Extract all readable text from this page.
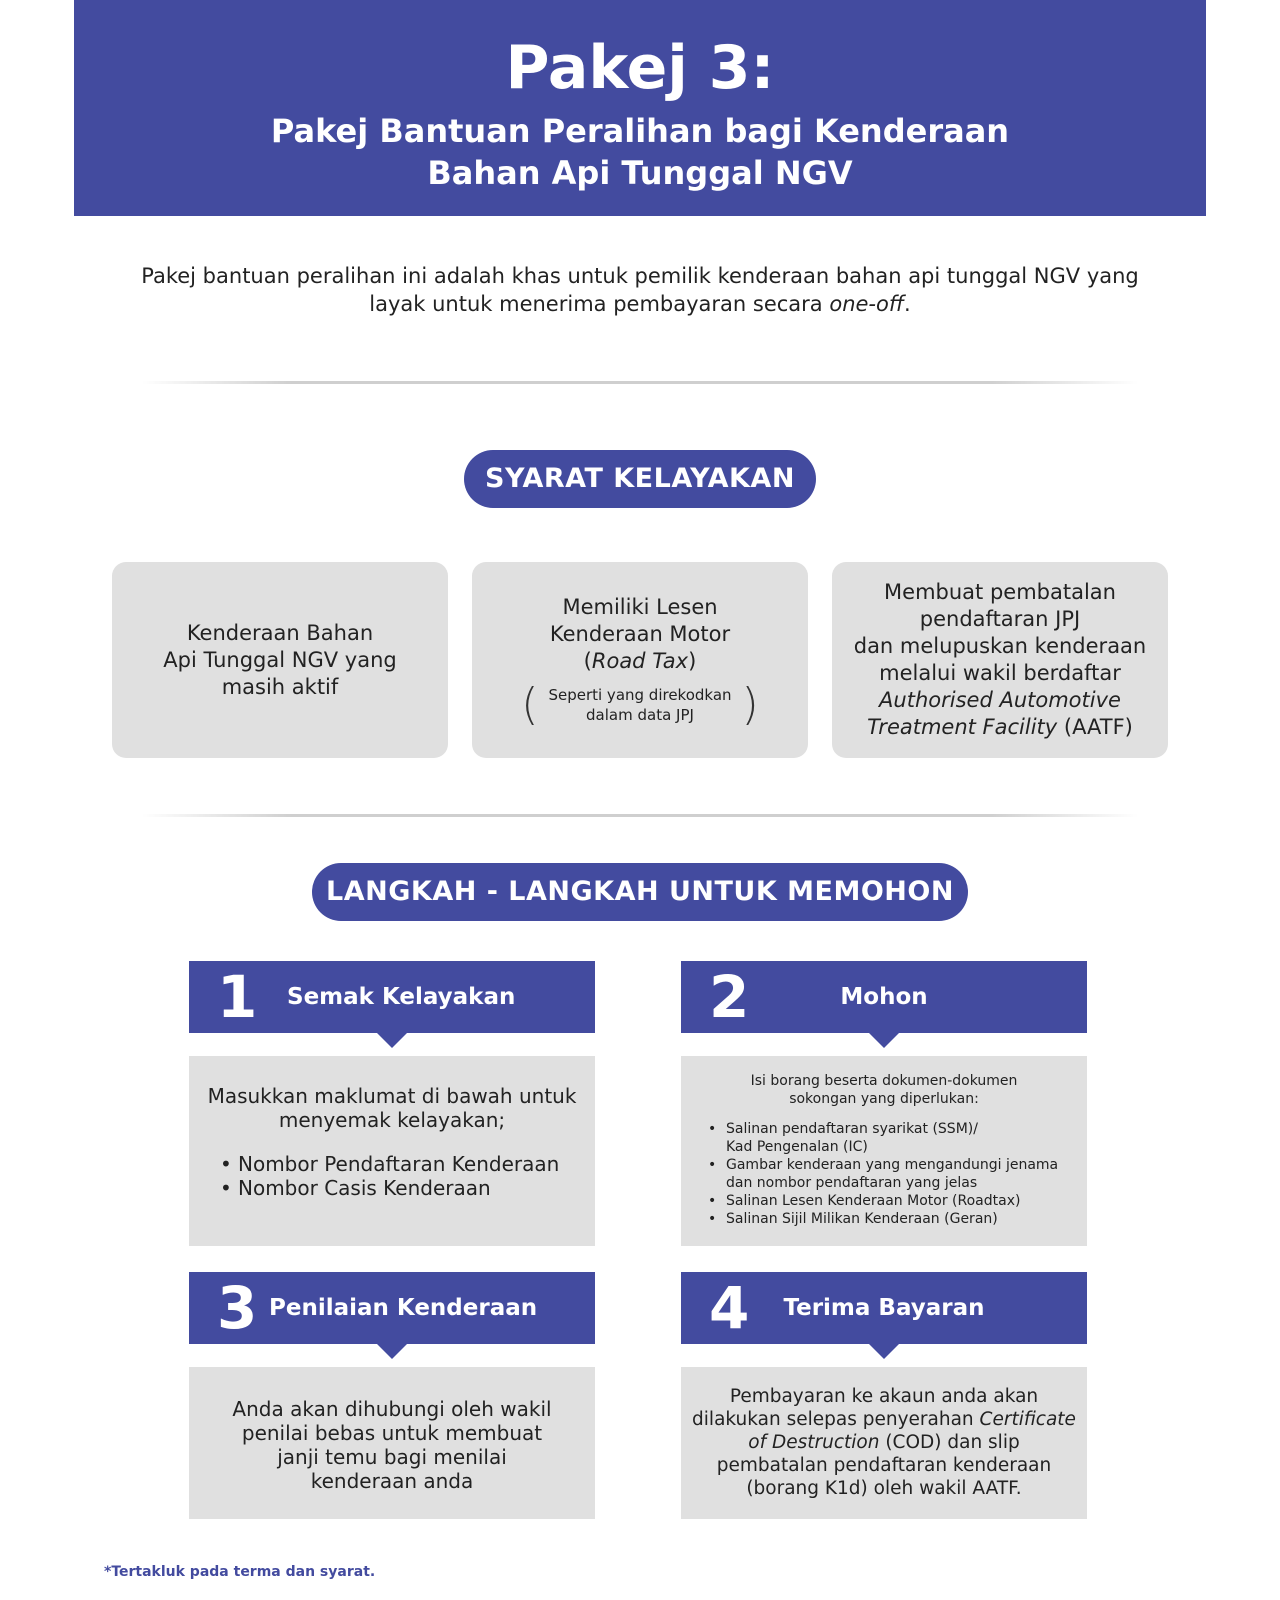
Pakej 3:
Pakej Bantuan Peralihan bagi Kenderaan
Bahan Api Tunggal NGV
Pakej bantuan peralihan ini adalah khas untuk pemilik kenderaan bahan api tunggal NGV yang
layak untuk menerima pembayaran secara one-off.
SYARAT KELAYAKAN
Kenderaan Bahan
Api Tunggal NGV yang
masih aktif
Memiliki Lesen
Kenderaan Motor
(Road Tax)
( Seperti yang direkodkan
dalam data JPJ	)
Membuat pembatalan
pendaftaran JPJ
dan melupuskan kenderaan
melalui wakil berdaftar
Authorised Automotive
Treatment Facility (AATF)
LANGKAH - LANGKAH UNTUK MEMOHON
1 Semak Kelayakan
Masukkan maklumat di bawah untuk
menyemak kelayakan;
• Nombor Pendaftaran Kenderaan
• Nombor Casis Kenderaan
2	Mohon
Isi borang beserta dokumen-dokumen
sokongan yang diperlukan:
• Salinan pendaftaran syarikat (SSM)/
Kad Pengenalan (IC)
• Gambar kenderaan yang mengandungi jenama
dan nombor pendaftaran yang jelas
• Salinan Lesen Kenderaan Motor (Roadtax)
• Salinan Sijil Milikan Kenderaan (Geran)
3 Penilaian Kenderaan
Anda akan dihubungi oleh wakil
penilai bebas untuk membuat
janji temu bagi menilai
kenderaan anda
4	Terima Bayaran
Pembayaran ke akaun anda akan
dilakukan selepas penyerahan Certificate
of Destruction (COD) dan slip
pembatalan pendaftaran kenderaan
(borang K1d) oleh wakil AATF.
*Tertakluk pada terma dan syarat.
